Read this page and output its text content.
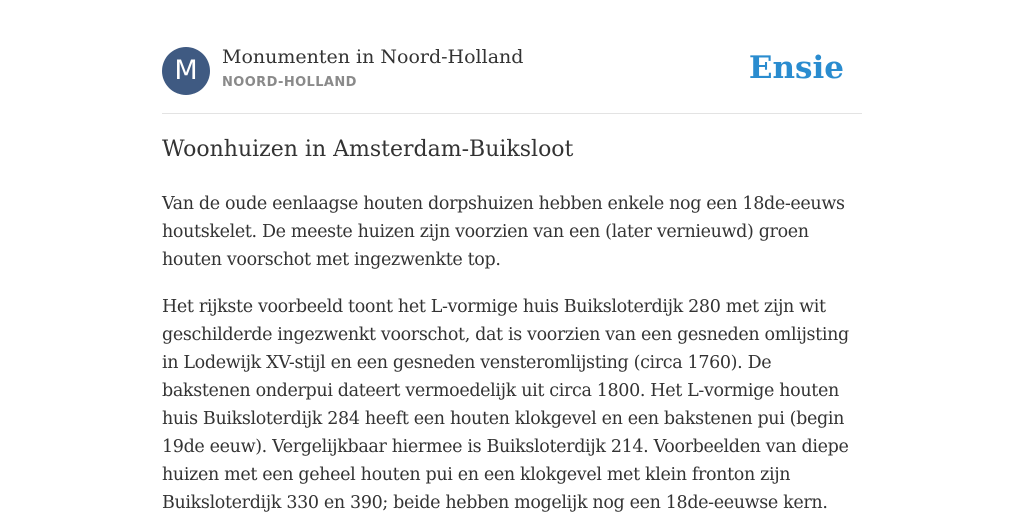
M	Monumenten in Noord-Holland
NOORD-HOLLAND	Ensie
Woonhuizen in Amsterdam-Buiksloot

Van de oude eenlaagse houten dorpshuizen hebben enkele nog een 18de-eeuws
houtskelet. De meeste huizen zijn voorzien van een (later vernieuwd) groen
houten voorschot met ingezwenkte top.

Het rijkste voorbeeld toont het L-vormige huis Buiksloterdijk 280 met zijn wit
geschilderde ingezwenkt voorschot, dat is voorzien van een gesneden omlijsting
in Lodewijk XV-stijl en een gesneden vensteromlijsting (circa 1760). De
bakstenen onderpui dateert vermoedelijk uit circa 1800. Het L-vormige houten
huis Buiksloterdijk 284 heeft een houten klokgevel en een bakstenen pui (begin
19de eeuw). Vergelijkbaar hiermee is Buiksloterdijk 214. Voorbeelden van diepe
huizen met een geheel houten pui en een klokgevel met klein fronton zijn
Buiksloterdijk 330 en 390; beide hebben mogelijk nog een 18de-eeuwse kern.
